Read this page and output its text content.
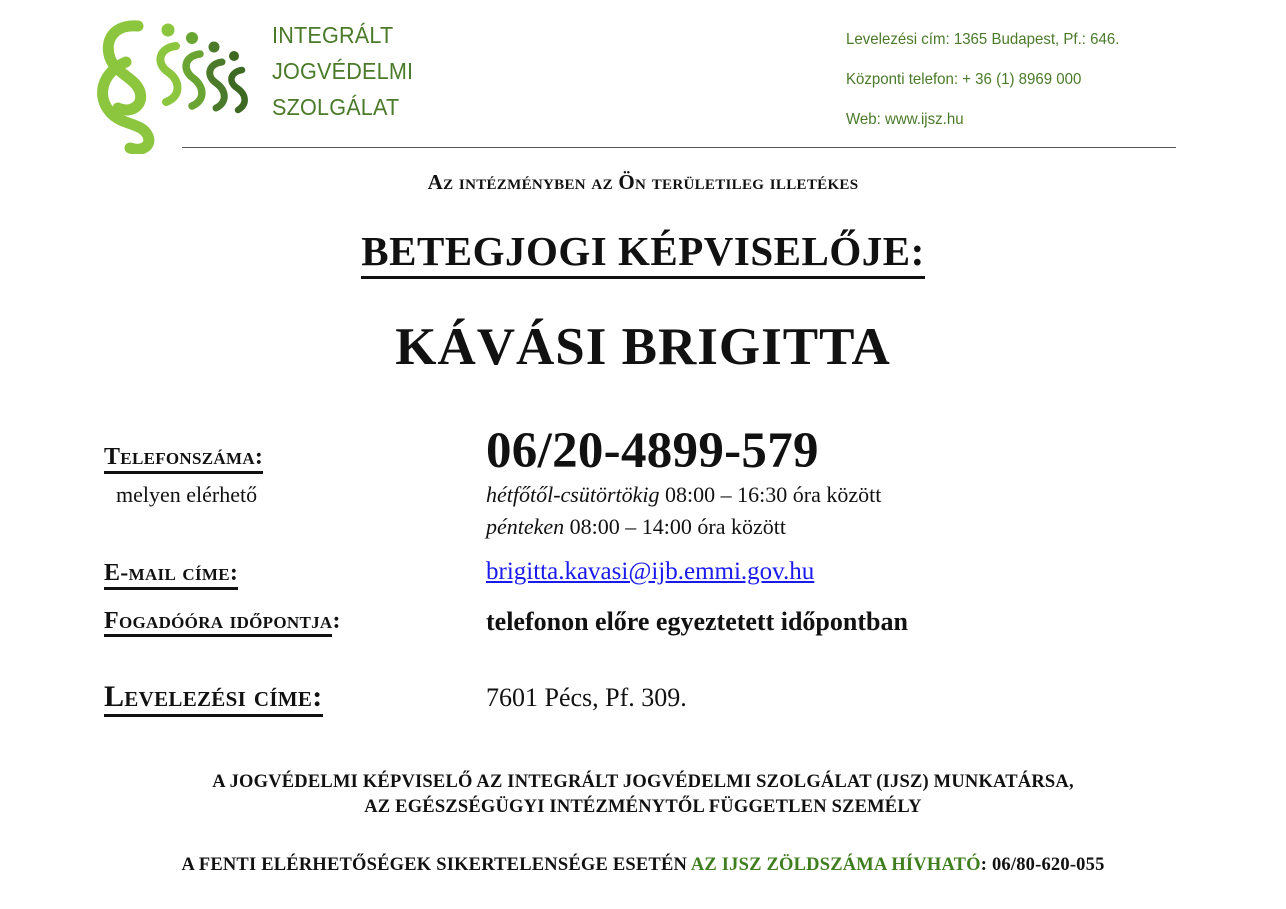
INTEGRÁLT
JOGVÉDELMI
SZOLGÁLAT
Levelezési cím: 1365 Budapest, Pf.: 646.
Központi telefon: + 36 (1) 8969 000
Web: www.ijsz.hu
Az intézményben az Ön területileg illetékes
BETEGJOGI KÉPVISELŐJE:
KÁVÁSI BRIGITTA
Telefonszáma:	06/20-4899-579
melyen elérhető	hétfőtől-csütörtökig 08:00 – 16:30 óra között
pénteken 08:00 – 14:00 óra között
E-mail címe:	brigitta.kavasi@ijb.emmi.gov.hu
Fogadóóra időpontja:	telefonon előre egyeztetett időpontban
Levelezési címe:	7601 Pécs, Pf. 309.
A JOGVÉDELMI KÉPVISELŐ AZ INTEGRÁLT JOGVÉDELMI SZOLGÁLAT (IJSZ) MUNKATÁRSA,
AZ EGÉSZSÉGÜGYI INTÉZMÉNYTŐL FÜGGETLEN SZEMÉLY
A FENTI ELÉRHETŐSÉGEK SIKERTELENSÉGE ESETÉN AZ IJSZ ZÖLDSZÁMA HÍVHATÓ: 06/80-620-055
